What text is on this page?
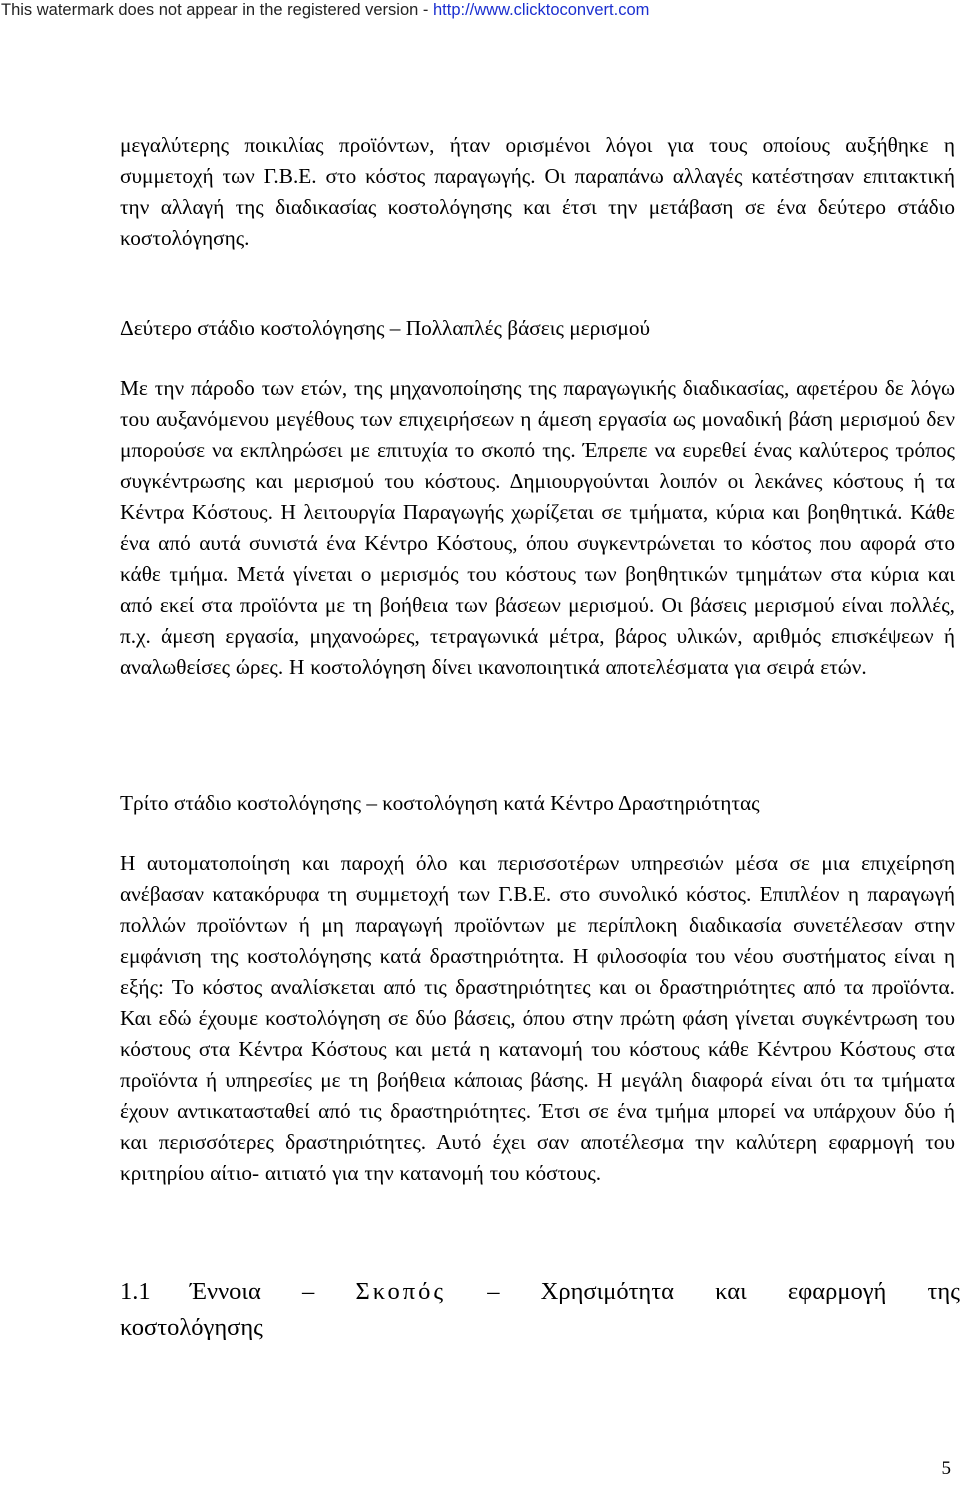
This watermark does not appear in the registered version - http://www.clicktoconvert.com

μεγαλύτερης ποικιλίας προϊόντων, ήταν ορισμένοι λόγοι για τους οποίους αυξήθηκε η συμμετοχή των Γ.Β.Ε. στο κόστος παραγωγής. Οι παραπάνω αλλαγές κατέστησαν επιτακτική την αλλαγή της διαδικασίας κοστολόγησης και έτσι την μετάβαση σε ένα δεύτερο στάδιο κοστολόγησης.

Δεύτερο στάδιο κοστολόγησης – Πολλαπλές βάσεις μερισμού

Με την πάροδο των ετών, της μηχανοποίησης της παραγωγικής διαδικασίας, αφετέρου δε λόγω του αυξανόμενου μεγέθους των επιχειρήσεων η άμεση εργασία ως μοναδική βάση μερισμού δεν μπορούσε να εκπληρώσει με επιτυχία το σκοπό της. Έπρεπε να ευρεθεί ένας καλύτερος τρόπος συγκέντρωσης και μερισμού του κόστους. Δημιουργούνται λοιπόν οι λεκάνες κόστους ή τα Κέντρα Κόστους. Η λειτουργία Παραγωγής χωρίζεται σε τμήματα, κύρια και βοηθητικά. Κάθε ένα από αυτά συνιστά ένα Κέντρο Κόστους, όπου συγκεντρώνεται το κόστος που αφορά στο κάθε τμήμα. Μετά γίνεται ο μερισμός του κόστους των βοηθητικών τμημάτων στα κύρια και από εκεί στα προϊόντα με τη βοήθεια των βάσεων μερισμού. Οι βάσεις μερισμού είναι πολλές, π.χ. άμεση εργασία, μηχανοώρες, τετραγωνικά μέτρα, βάρος υλικών, αριθμός επισκέψεων ή αναλωθείσες ώρες. Η κοστολόγηση δίνει ικανοποιητικά αποτελέσματα για σειρά ετών.

Τρίτο στάδιο κοστολόγησης – κοστολόγηση κατά Κέντρο Δραστηριότητας

Η αυτοματοποίηση και παροχή όλο και περισσοτέρων υπηρεσιών μέσα σε μια επιχείρηση ανέβασαν κατακόρυφα τη συμμετοχή των Γ.Β.Ε. στο συνολικό κόστος. Επιπλέον η παραγωγή πολλών προϊόντων ή μη παραγωγή προϊόντων με περίπλοκη διαδικασία συνετέλεσαν στην εμφάνιση της κοστολόγησης κατά δραστηριότητα. Η φιλοσοφία του νέου συστήματος είναι η εξής: Το κόστος αναλίσκεται από τις δραστηριότητες και οι δραστηριότητες από τα προϊόντα. Και εδώ έχουμε κοστολόγηση σε δύο βάσεις, όπου στην πρώτη φάση γίνεται συγκέντρωση του κόστους στα Κέντρα Κόστους και μετά η κατανομή του κόστους κάθε Κέντρου Κόστους στα προϊόντα ή υπηρεσίες με τη βοήθεια κάποιας βάσης. Η μεγάλη διαφορά είναι ότι τα τμήματα έχουν αντικατασταθεί από τις δραστηριότητες. Έτσι σε ένα τμήμα μπορεί να υπάρχουν δύο ή και περισσότερες δραστηριότητες. Αυτό έχει σαν αποτέλεσμα την καλύτερη εφαρμογή του κριτηρίου αίτιο- αιτιατό για την κατανομή του κόστους.

1.1 Έννοια – Σκοπός – Χρησιμότητα και εφαρμογή της
κοστολόγησης
5
